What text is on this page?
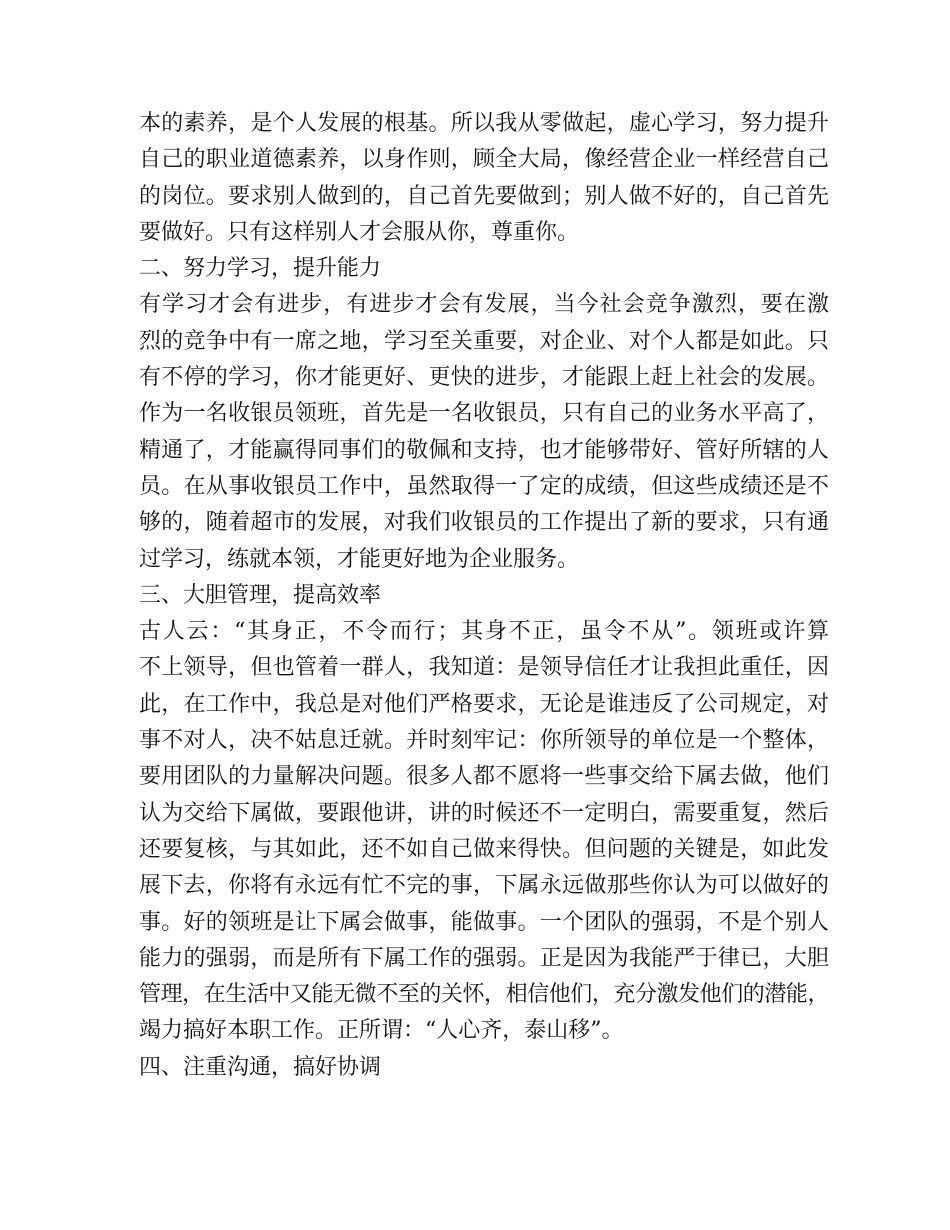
本的素养，是个人发展的根基。所以我从零做起，虚心学习，努力提升
自己的职业道德素养，以身作则，顾全大局，像经营企业一样经营自己
的岗位。要求别人做到的，自己首先要做到；别人做不好的，自己首先
要做好。只有这样别人才会服从你，尊重你。
二、努力学习，提升能力
有学习才会有进步，有进步才会有发展，当今社会竞争激烈，要在激
烈的竞争中有一席之地，学习至关重要，对企业、对个人都是如此。只
有不停的学习，你才能更好、更快的进步，才能跟上赶上社会的发展。
作为一名收银员领班，首先是一名收银员，只有自己的业务水平高了，
精通了，才能赢得同事们的敬佩和支持，也才能够带好、管好所辖的人
员。在从事收银员工作中，虽然取得一了定的成绩，但这些成绩还是不
够的，随着超市的发展，对我们收银员的工作提出了新的要求，只有通
过学习，练就本领，才能更好地为企业服务。
三、大胆管理，提高效率
古人云：“其身正，不令而行；其身不正，虽令不从”。领班或许算
不上领导，但也管着一群人，我知道：是领导信任才让我担此重任，因
此，在工作中，我总是对他们严格要求，无论是谁违反了公司规定，对
事不对人，决不姑息迁就。并时刻牢记：你所领导的单位是一个整体，
要用团队的力量解决问题。很多人都不愿将一些事交给下属去做，他们
认为交给下属做，要跟他讲，讲的时候还不一定明白，需要重复，然后
还要复核，与其如此，还不如自己做来得快。但问题的关键是，如此发
展下去，你将有永远有忙不完的事，下属永远做那些你认为可以做好的
事。好的领班是让下属会做事，能做事。一个团队的强弱，不是个别人
能力的强弱，而是所有下属工作的强弱。正是因为我能严于律已，大胆
管理，在生活中又能无微不至的关怀，相信他们，充分激发他们的潜能，
竭力搞好本职工作。正所谓：“人心齐，泰山移”。
四、注重沟通，搞好协调
